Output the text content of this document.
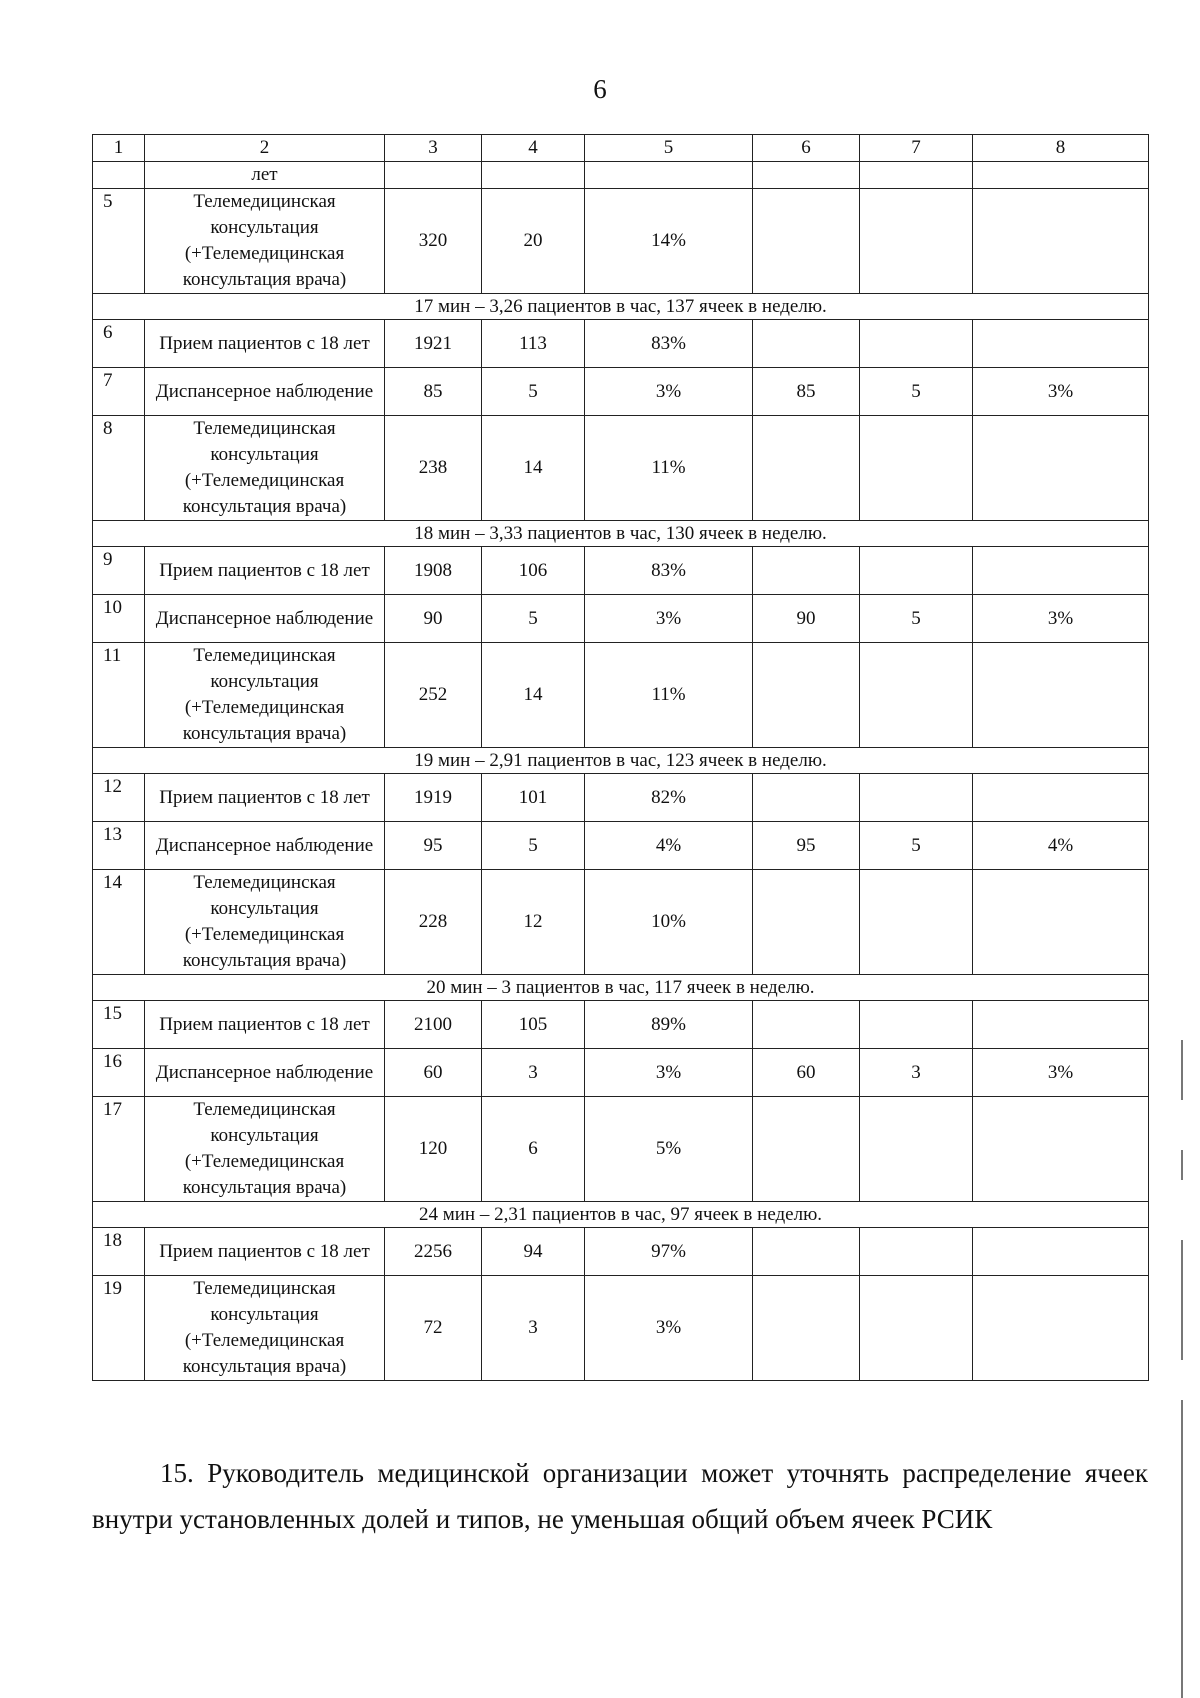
6
1	2	3	4	5	6	7	8
	лет						
5	Телемедицинская консультация (+Телемедицинская консультация врача)	320	20	14%			
17 мин – 3,26 пациентов в час, 137 ячеек в неделю.							
6	Прием пациентов с 18 лет	1921	113	83%			
7	Диспансерное наблюдение	85	5	3%	85	5	3%
8	Телемедицинская консультация (+Телемедицинская консультация врача)	238	14	11%			
18 мин – 3,33 пациентов в час, 130 ячеек в неделю.							
9	Прием пациентов с 18 лет	1908	106	83%			
10	Диспансерное наблюдение	90	5	3%	90	5	3%
11	Телемедицинская консультация (+Телемедицинская консультация врача)	252	14	11%			
19 мин – 2,91 пациентов в час, 123 ячеек в неделю.							
12	Прием пациентов с 18 лет	1919	101	82%			
13	Диспансерное наблюдение	95	5	4%	95	5	4%
14	Телемедицинская консультация (+Телемедицинская консультация врача)	228	12	10%			
20 мин – 3 пациентов в час, 117 ячеек в неделю.							
15	Прием пациентов с 18 лет	2100	105	89%			
16	Диспансерное наблюдение	60	3	3%	60	3	3%
17	Телемедицинская консультация (+Телемедицинская консультация врача)	120	6	5%			
24 мин – 2,31 пациентов в час, 97 ячеек в неделю.							
18	Прием пациентов с 18 лет	2256	94	97%			
19	Телемедицинская консультация (+Телемедицинская консультация врача)	72	3	3%			
15. Руководитель медицинской организации может уточнять распределение ячеек внутри установленных долей и типов, не уменьшая общий объем ячеек РСИК
